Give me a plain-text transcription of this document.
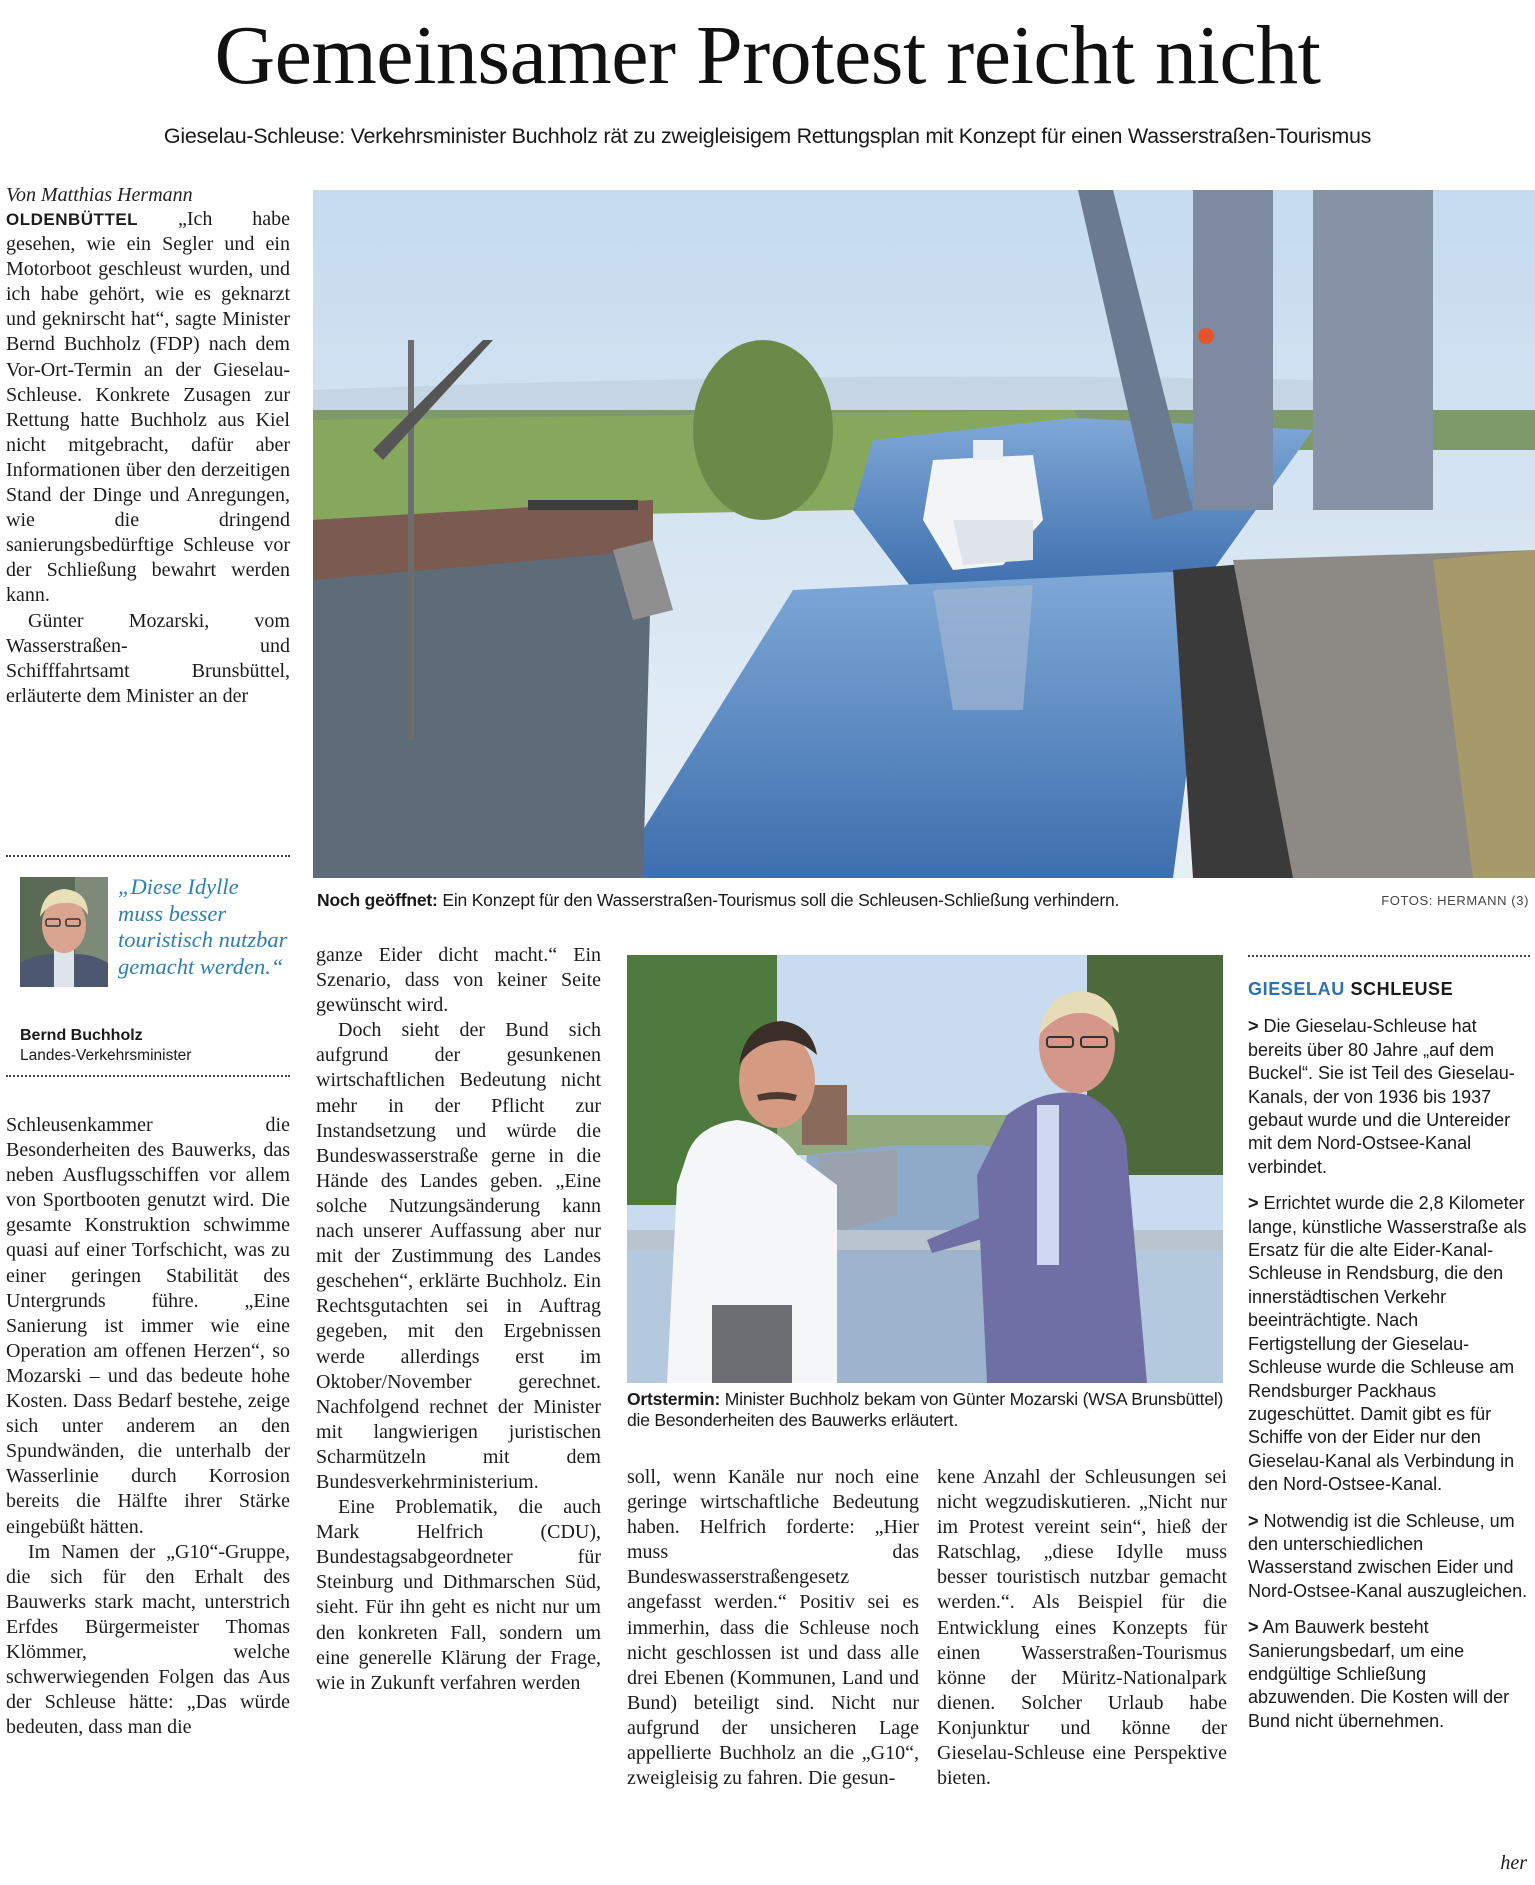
Gemeinsamer Protest reicht nicht
Gieselau-Schleuse: Verkehrsminister Buchholz rät zu zweigleisigem Rettungsplan mit Konzept für einen Wasserstraßen-Tourismus
Von Matthias Hermann

OLDENBÜTTEL „Ich habe gesehen, wie ein Segler und ein Motorboot geschleust wurden, und ich habe gehört, wie es geknarzt und geknirscht hat“, sagte Minister Bernd Buchholz (FDP) nach dem Vor-Ort-Termin an der Gieselau-Schleuse. Konkrete Zusagen zur Rettung hatte Buchholz aus Kiel nicht mitgebracht, dafür aber Informationen über den derzeitigen Stand der Dinge und Anregungen, wie die dringend sanierungsbedürftige Schleuse vor der Schließung bewahrt werden kann.

Günter Mozarski, vom Wasserstraßen- und Schifffahrtsamt Brunsbüttel, erläuterte dem Minister an der

„Diese Idylle muss besser touristisch nutzbar gemacht werden.“
Bernd Buchholz
Landes-Verkehrsminister

Schleusenkammer die Besonderheiten des Bauwerks, das neben Ausflugsschiffen vor allem von Sportbooten genutzt wird. Die gesamte Konstruktion schwimme quasi auf einer Torfschicht, was zu einer geringen Stabilität des Untergrunds führe. „Eine Sanierung ist immer wie eine Operation am offenen Herzen“, so Mozarski – und das bedeute hohe Kosten. Dass Bedarf bestehe, zeige sich unter anderem an den Spundwänden, die unterhalb der Wasserlinie durch Korrosion bereits die Hälfte ihrer Stärke eingebüßt hätten.

Im Namen der „G10“-Gruppe, die sich für den Erhalt des Bauwerks stark macht, unterstrich Erfdes Bürgermeister Thomas Klömmer, welche schwerwiegenden Folgen das Aus der Schleuse hätte: „Das würde bedeuten, dass man die

Noch geöffnet: Ein Konzept für den Wasserstraßen-Tourismus soll die Schleusen-Schließung verhindern.	FOTOS: HERMANN (3)

ganze Eider dicht macht.“ Ein Szenario, dass von keiner Seite gewünscht wird.

Doch sieht der Bund sich aufgrund der gesunkenen wirtschaftlichen Bedeutung nicht mehr in der Pflicht zur Instandsetzung und würde die Bundeswasserstraße gerne in die Hände des Landes geben. „Eine solche Nutzungsänderung kann nach unserer Auffassung aber nur mit der Zustimmung des Landes geschehen“, erklärte Buchholz. Ein Rechtsgutachten sei in Auftrag gegeben, mit den Ergebnissen werde allerdings erst im Oktober/November gerechnet. Nachfolgend rechnet der Minister mit langwierigen juristischen Scharmützeln mit dem Bundesverkehrministerium.

Eine Problematik, die auch Mark Helfrich (CDU), Bundestagsabgeordneter für Steinburg und Dithmarschen Süd, sieht. Für ihn geht es nicht nur um den konkreten Fall, sondern um eine generelle Klärung der Frage, wie in Zukunft verfahren werden

Ortstermin: Minister Buchholz bekam von Günter Mozarski (WSA Brunsbüttel) die Besonderheiten des Bauwerks erläutert.

soll, wenn Kanäle nur noch eine geringe wirtschaftliche Bedeutung haben. Helfrich forderte: „Hier muss das Bundeswasserstraßengesetz angefasst werden.“ Positiv sei es immerhin, dass die Schleuse noch nicht geschlossen ist und dass alle drei Ebenen (Kommunen, Land und Bund) beteiligt sind. Nicht nur aufgrund der unsicheren Lage appellierte Buchholz an die „G10“, zweigleisig zu fahren. Die gesun-

kene Anzahl der Schleusungen sei nicht wegzudiskutieren. „Nicht nur im Protest vereint sein“, hieß der Ratschlag, „diese Idylle muss besser touristisch nutzbar gemacht werden.“. Als Beispiel für die Entwicklung eines Konzepts für einen Wasserstraßen-Tourismus könne der Müritz-Nationalpark dienen. Solcher Urlaub habe Konjunktur und könne der Gieselau-Schleuse eine Perspektive bieten.

GIESELAU SCHLEUSE
> Die Gieselau-Schleuse hat bereits über 80 Jahre „auf dem Buckel“. Sie ist Teil des Gieselau-Kanals, der von 1936 bis 1937 gebaut wurde und die Untereider mit dem Nord-Ostsee-Kanal verbindet.
> Errichtet wurde die 2,8 Kilometer lange, künstliche Wasserstraße als Ersatz für die alte Eider-Kanal-Schleuse in Rendsburg, die den innerstädtischen Verkehr beeinträchtigte. Nach Fertigstellung der Gieselau-Schleuse wurde die Schleuse am Rendsburger Packhaus zugeschüttet. Damit gibt es für Schiffe von der Eider nur den Gieselau-Kanal als Verbindung in den Nord-Ostsee-Kanal.
> Notwendig ist die Schleuse, um den unterschiedlichen Wasserstand zwischen Eider und Nord-Ostsee-Kanal auszugleichen.
> Am Bauwerk besteht Sanierungsbedarf, um eine endgültige Schließung abzuwenden. Die Kosten will der Bund nicht übernehmen.
her
